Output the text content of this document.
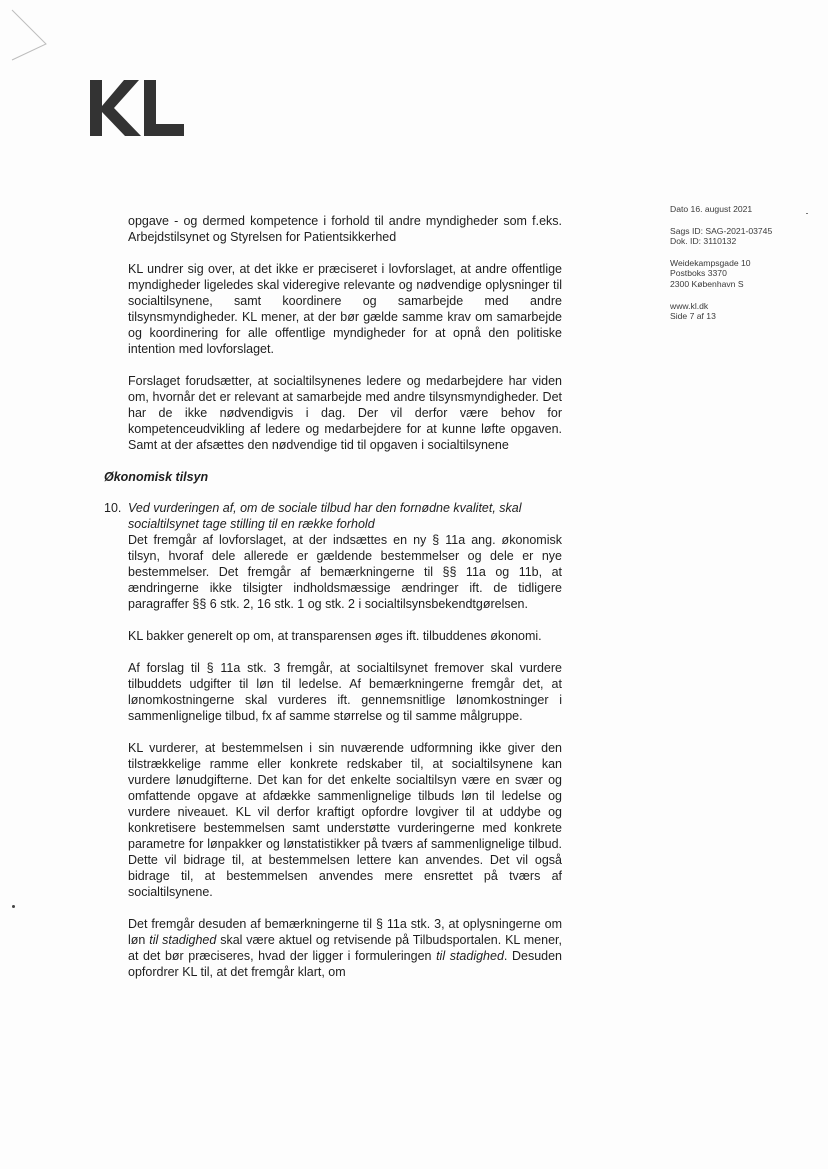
Dato 16. august 2021

Sags ID: SAG-2021-03745

Dok. ID: 3110132

Weidekampsgade 10

Postboks 3370

2300 København S

www.kl.dk

Side 7 af 13

opgave - og dermed kompetence i forhold til andre myndigheder som f.eks. Arbejdstilsynet og Styrelsen for Patientsikkerhed

KL undrer sig over, at det ikke er præciseret i lovforslaget, at andre offentlige myndigheder ligeledes skal videregive relevante og nødvendige oplysninger til socialtilsynene, samt koordinere og samarbejde med andre tilsynsmyndigheder. KL mener, at der bør gælde samme krav om samarbejde og koordinering for alle offentlige myndigheder for at opnå den politiske intention med lovforslaget.

Forslaget forudsætter, at socialtilsynenes ledere og medarbejdere har viden om, hvornår det er relevant at samarbejde med andre tilsynsmyndigheder. Det har de ikke nødvendigvis i dag. Der vil derfor være behov for kompetenceudvikling af ledere og medarbejdere for at kunne løfte opgaven. Samt at der afsættes den nødvendige tid til opgaven i socialtilsynene

Økonomisk tilsyn
10. Ved vurderingen af, om de sociale tilbud har den fornødne kvalitet, skal socialtilsynet tage stilling til en række forhold

Det fremgår af lovforslaget, at der indsættes en ny § 11a ang. økonomisk tilsyn, hvoraf dele allerede er gældende bestemmelser og dele er nye bestemmelser. Det fremgår af bemærkningerne til §§ 11a og 11b, at ændringerne ikke tilsigter indholdsmæssige ændringer ift. de tidligere paragraffer §§ 6 stk. 2, 16 stk. 1 og stk. 2 i socialtilsynsbekendtgørelsen.

KL bakker generelt op om, at transparensen øges ift. tilbuddenes økonomi.

Af forslag til § 11a stk. 3 fremgår, at socialtilsynet fremover skal vurdere tilbuddets udgifter til løn til ledelse. Af bemærkningerne fremgår det, at lønomkostningerne skal vurderes ift. gennemsnitlige lønomkostninger i sammenlignelige tilbud, fx af samme størrelse og til samme målgruppe.

KL vurderer, at bestemmelsen i sin nuværende udformning ikke giver den tilstrækkelige ramme eller konkrete redskaber til, at socialtilsynene kan vurdere lønudgifterne. Det kan for det enkelte socialtilsyn være en svær og omfattende opgave at afdække sammenlignelige tilbuds løn til ledelse og vurdere niveauet. KL vil derfor kraftigt opfordre lovgiver til at uddybe og konkretisere bestemmelsen samt understøtte vurderingerne med konkrete parametre for lønpakker og lønstatistikker på tværs af sammenlignelige tilbud. Dette vil bidrage til, at bestemmelsen lettere kan anvendes. Det vil også bidrage til, at bestemmelsen anvendes mere ensrettet på tværs af socialtilsynene.

Det fremgår desuden af bemærkningerne til § 11a stk. 3, at oplysningerne om løn til stadighed skal være aktuel og retvisende på Tilbudsportalen. KL mener, at det bør præciseres, hvad der ligger i formuleringen til stadighed. Desuden opfordrer KL til, at det fremgår klart, om
